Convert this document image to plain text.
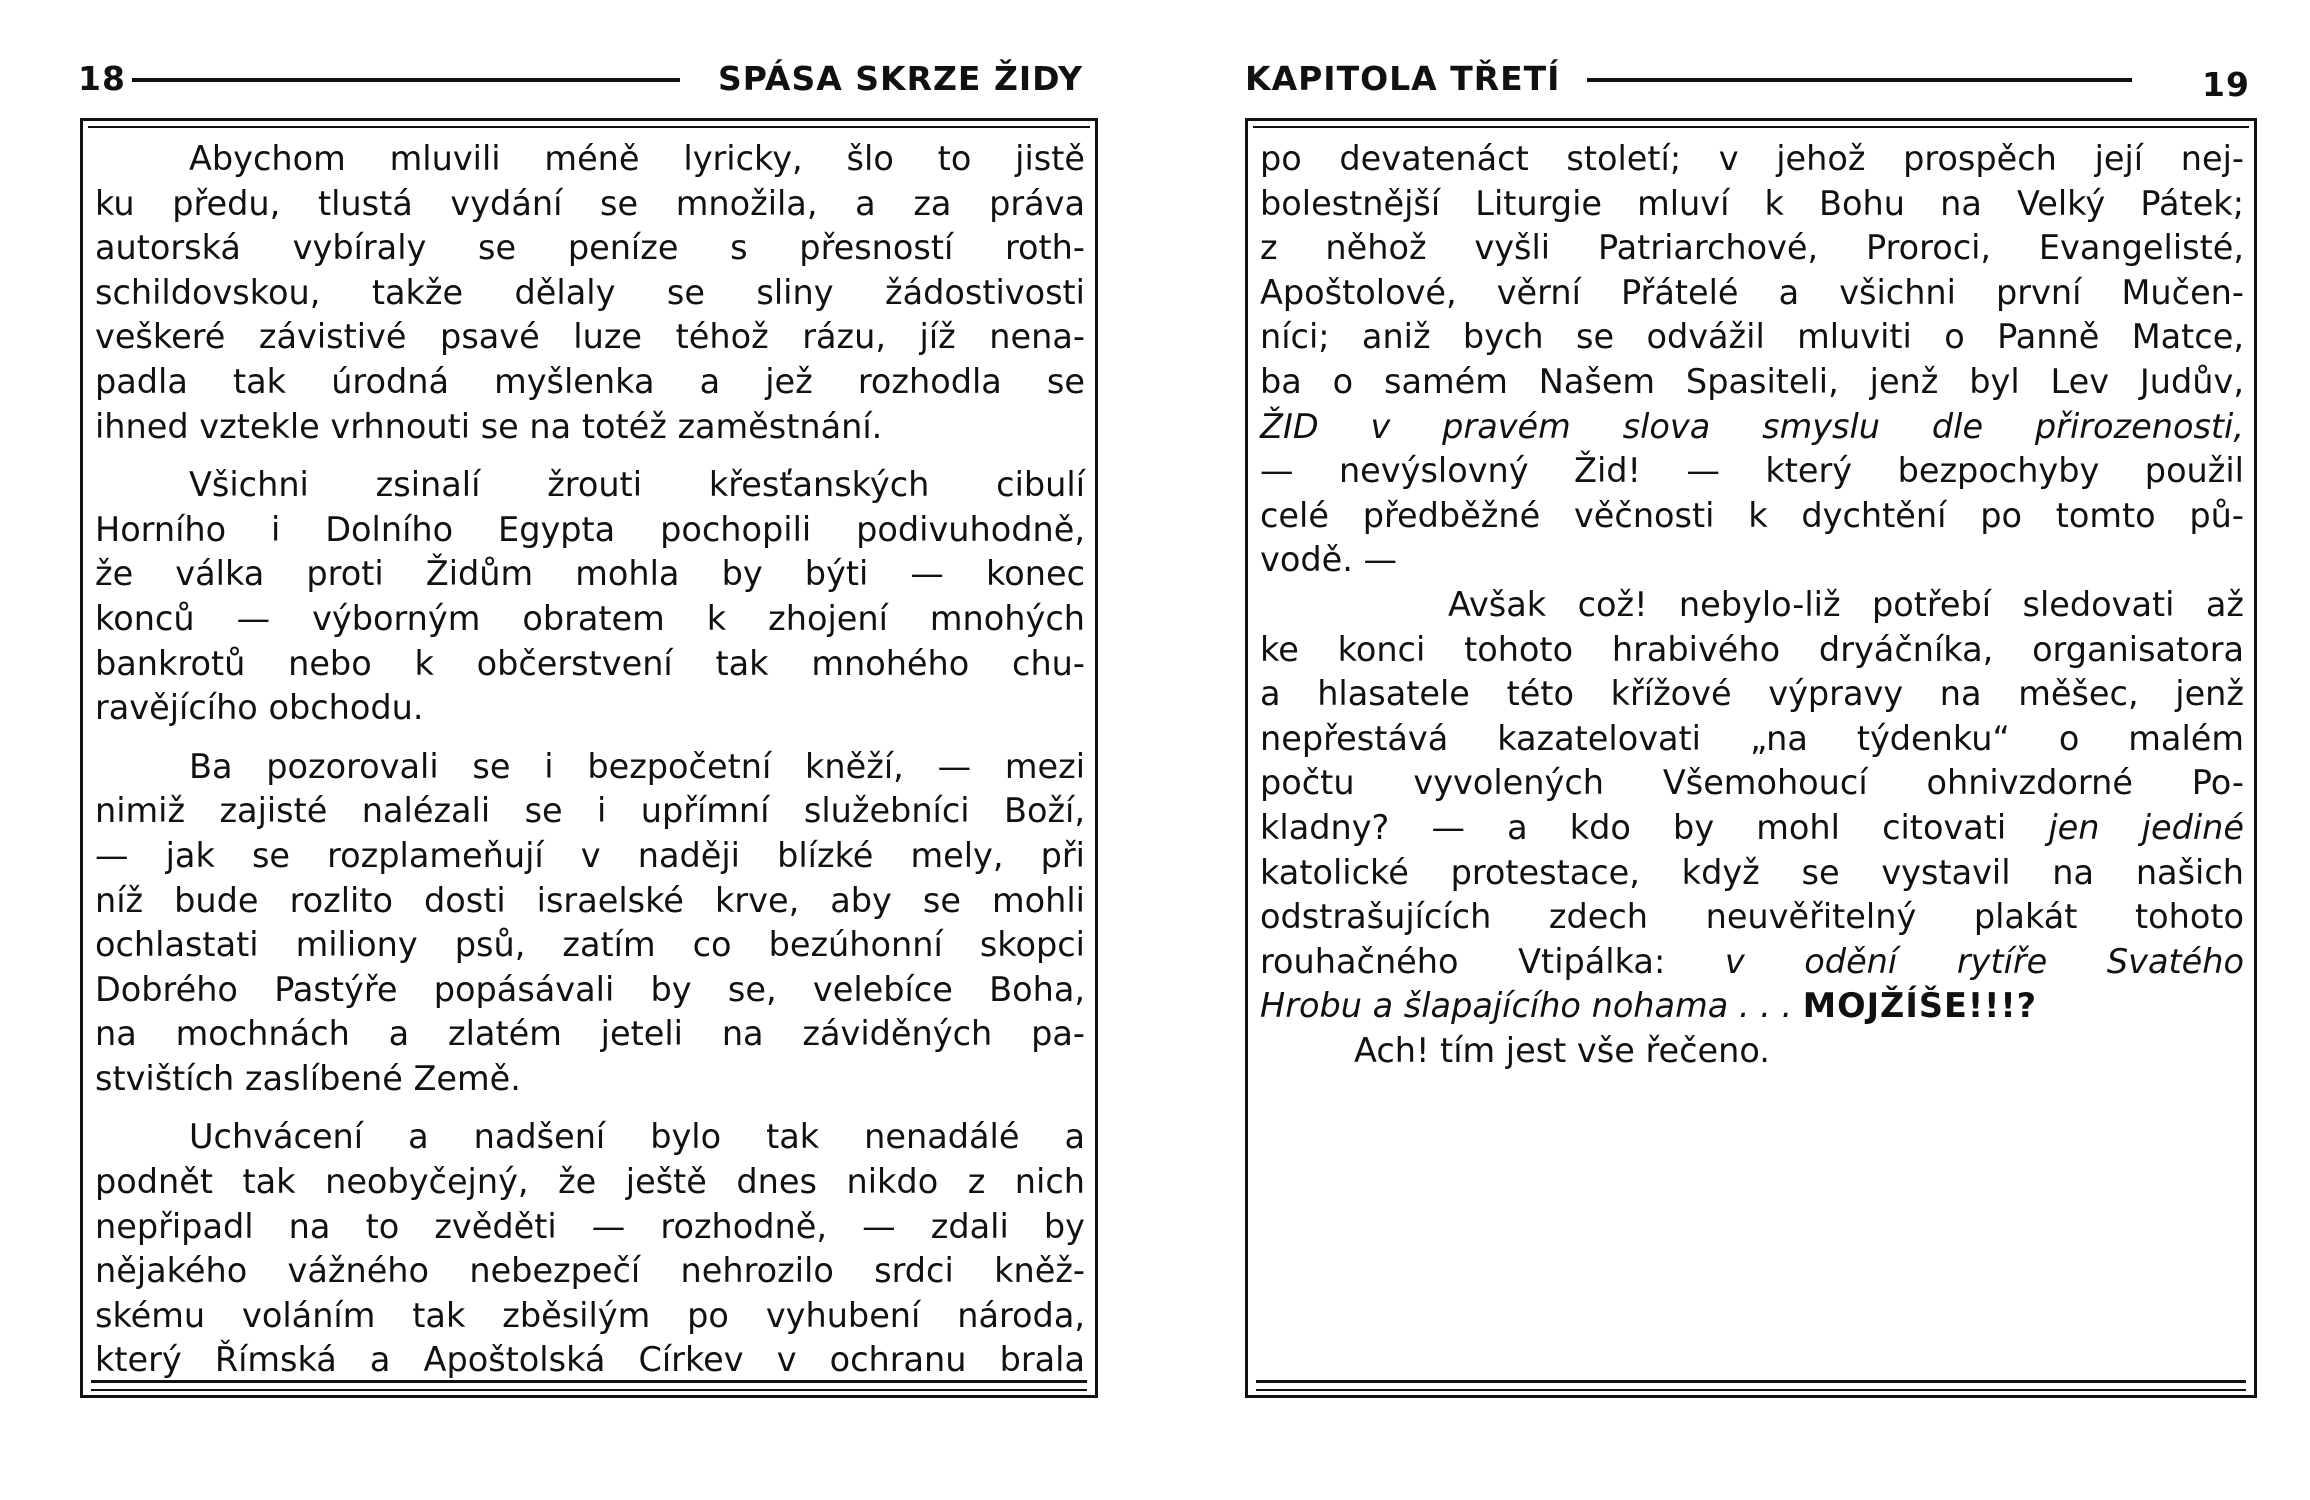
18	SPÁSA SKRZE ŽIDY

Abychom mluvili méně lyricky, šlo to jistě
ku předu, tlustá vydání se množila, a za práva
autorská vybíraly se peníze s přesností roth-
schildovskou, takže dělaly se sliny žádostivosti
veškeré závistivé psavé luze téhož rázu, jíž nena-
padla tak úrodná myšlenka a jež rozhodla se
ihned vztekle vrhnouti se na totéž zaměstnání.

Všichni zsinalí žrouti křesťanských cibulí
Horního i Dolního Egypta pochopili podivuhodně,
že válka proti Židům mohla by býti — konec
konců — výborným obratem k zhojení mnohých
bankrotů nebo k občerstvení tak mnohého chu-
ravějícího obchodu.

Ba pozorovali se i bezpočetní kněží, — mezi
nimiž zajisté nalézali se i upřímní služebníci Boží,
— jak se rozplameňují v naději blízké mely, při
níž bude rozlito dosti israelské krve, aby se mohli
ochlastati miliony psů, zatím co bezúhonní skopci
Dobrého Pastýře popásávali by se, velebíce Boha,
na mochnách a zlatém jeteli na záviděných pa-
stvištích zaslíbené Země.

Uchvácení a nadšení bylo tak nenadálé a
podnět tak neobyčejný, že ještě dnes nikdo z nich
nepřipadl na to zvěděti — rozhodně, — zdali by
nějakého vážného nebezpečí nehrozilo srdci kněž-
skému voláním tak zběsilým po vyhubení národa,
který Římská a Apoštolská Církev v ochranu brala

KAPITOLA TŘETÍ	19

po devatenáct století; v jehož prospěch její nej-
bolestnější Liturgie mluví k Bohu na Velký Pátek;
z něhož vyšli Patriarchové, Proroci, Evangelisté,
Apoštolové, věrní Přátelé a všichni první Mučen-
níci; aniž bych se odvážil mluviti o Panně Matce,
ba o samém Našem Spasiteli, jenž byl Lev Judův,
ŽID v pravém slova smyslu dle přirozenosti,
— nevýslovný Žid! — který bezpochyby použil
celé předběžné věčnosti k dychtění po tomto pů-
vodě. —

Avšak což! nebylo-liž potřebí sledovati až
ke konci tohoto hrabivého dryáčníka, organisatora
a hlasatele této křížové výpravy na měšec, jenž
nepřestává kazatelovati „na týdenku“ o malém
počtu vyvolených Všemohoucí ohnivzdorné Po-
kladny? — a kdo by mohl citovati jen jediné
katolické protestace, když se vystavil na našich
odstrašujících zdech neuvěřitelný plakát tohoto
rouhačného Vtipálka: v odění rytíře Svatého
Hrobu a šlapajícího nohama . . . MOJŽÍŠE!!!?

Ach! tím jest vše řečeno.
